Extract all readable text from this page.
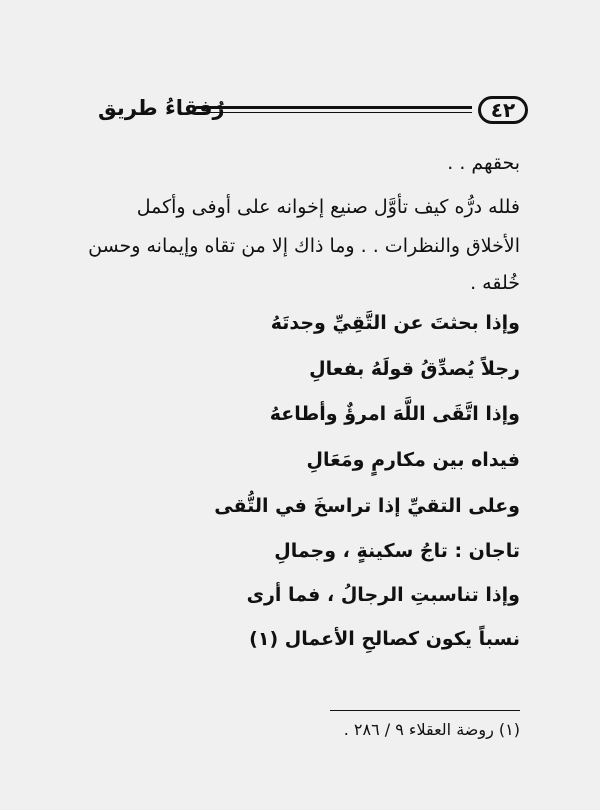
٤٢
رُفقاءُ طريق
بحقهم . .
فلله درُّه كيف تأوَّل صنيع إخوانه على أوفى وأكمل
الأخلاق والنظرات . . وما ذاك إلا من تقاه وإيمانه وحسن
خُلقه .
وإذا بحثتَ عن التَّقِيِّ وجدتَهُ
رجلاً يُصدِّقُ قولَهُ بفعالِ
وإذا اتَّقَى اللَّهَ امرؤٌ وأطاعهُ
فيداه بين مكارمٍ ومَعَالِ
وعلى التقيِّ إذا تراسخَ في التُّقى
تاجان : تاجُ سكينةٍ ، وجمالِ
وإذا تناسبتِ الرجالُ ، فما أرى
نسباً يكون كصالحِ الأعمال (١)
(١) روضة العقلاء ٩ / ٢٨٦ .
